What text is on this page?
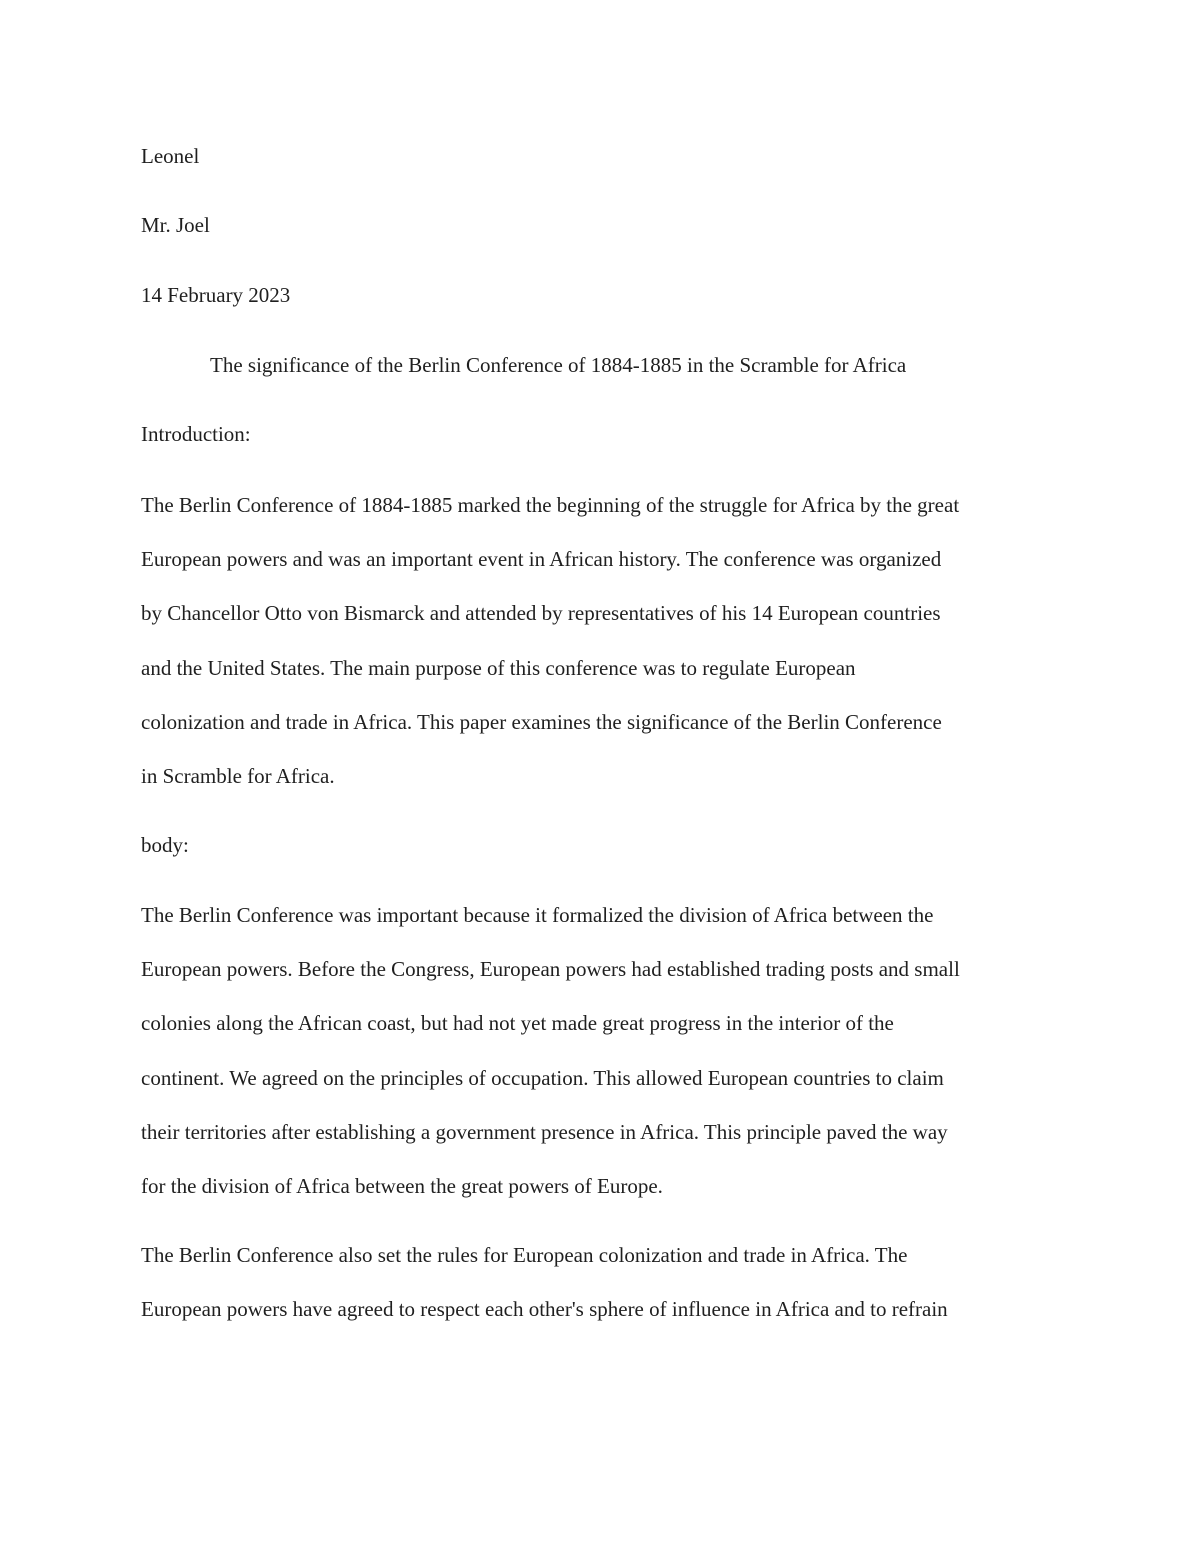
Leonel
Mr. Joel
14 February 2023
The significance of the Berlin Conference of 1884-1885 in the Scramble for Africa
Introduction:
The Berlin Conference of 1884-1885 marked the beginning of the struggle for Africa by the great
European powers and was an important event in African history. The conference was organized
by Chancellor Otto von Bismarck and attended by representatives of his 14 European countries
and the United States. The main purpose of this conference was to regulate European
colonization and trade in Africa. This paper examines the significance of the Berlin Conference
in Scramble for Africa.
body:
The Berlin Conference was important because it formalized the division of Africa between the
European powers. Before the Congress, European powers had established trading posts and small
colonies along the African coast, but had not yet made great progress in the interior of the
continent. We agreed on the principles of occupation. This allowed European countries to claim
their territories after establishing a government presence in Africa. This principle paved the way
for the division of Africa between the great powers of Europe.
The Berlin Conference also set the rules for European colonization and trade in Africa. The
European powers have agreed to respect each other's sphere of influence in Africa and to refrain
